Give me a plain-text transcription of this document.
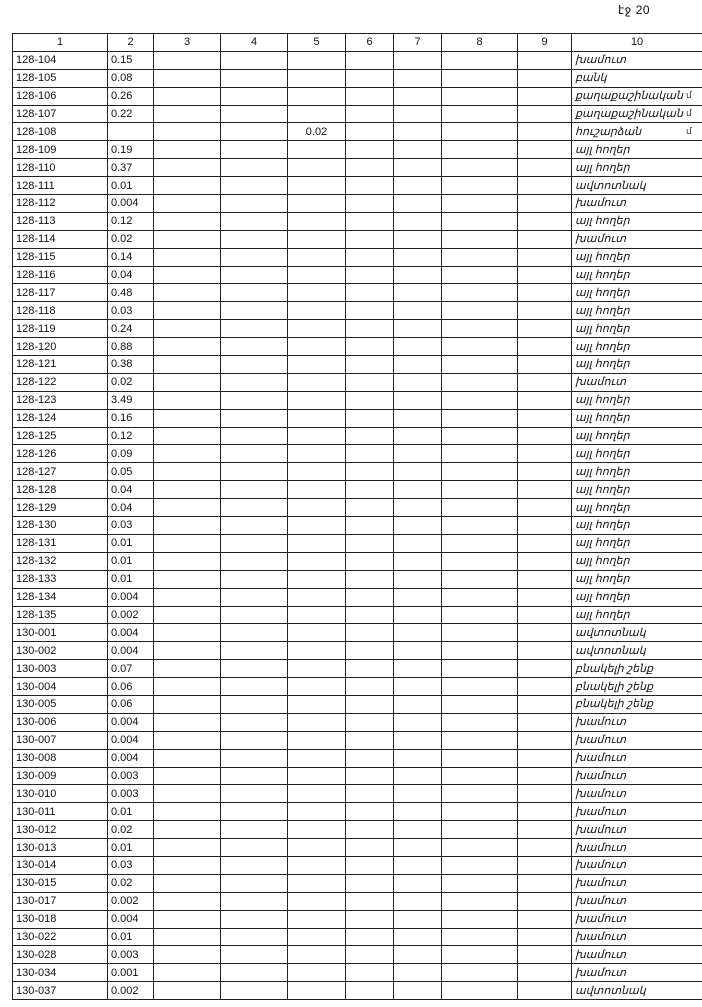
էջ 20
մ
մ
մ
1	2	3	4	5	6	7	8	9	10
128-104	0.15								խամուտ
128-105	0.08								բանկ
128-106	0.26								քաղաքաշինական
128-107	0.22								քաղաքաշինական
128-108				0.02					հուշարձան
128-109	0.19								այլ հողեր
128-110	0.37								այլ հողեր
128-111	0.01								ավտոտնակ
128-112	0.004								խամուտ
128-113	0.12								այլ հողեր
128-114	0.02								խամուտ
128-115	0.14								այլ հողեր
128-116	0.04								այլ հողեր
128-117	0.48								այլ հողեր
128-118	0.03								այլ հողեր
128-119	0.24								այլ հողեր
128-120	0.88								այլ հողեր
128-121	0.38								այլ հողեր
128-122	0.02								խամուտ
128-123	3.49								այլ հողեր
128-124	0.16								այլ հողեր
128-125	0.12								այլ հողեր
128-126	0.09								այլ հողեր
128-127	0.05								այլ հողեր
128-128	0.04								այլ հողեր
128-129	0.04								այլ հողեր
128-130	0.03								այլ հողեր
128-131	0.01								այլ հողեր
128-132	0.01								այլ հողեր
128-133	0.01								այլ հողեր
128-134	0.004								այլ հողեր
128-135	0.002								այլ հողեր
130-001	0.004								ավտոտնակ
130-002	0.004								ավտոտնակ
130-003	0.07								բնակելի շենք
130-004	0.06								բնակելի շենք
130-005	0.06								բնակելի շենք
130-006	0.004								խամուտ
130-007	0.004								խամուտ
130-008	0.004								խամուտ
130-009	0.003								խամուտ
130-010	0.003								խամուտ
130-011	0.01								խամուտ
130-012	0.02								խամուտ
130-013	0.01								խամուտ
130-014	0.03								խամուտ
130-015	0.02								խամուտ
130-017	0.002								խամուտ
130-018	0.004								խամուտ
130-022	0.01								խամուտ
130-028	0.003								խամուտ
130-034	0.001								խամուտ
130-037	0.002								ավտոտնակ
